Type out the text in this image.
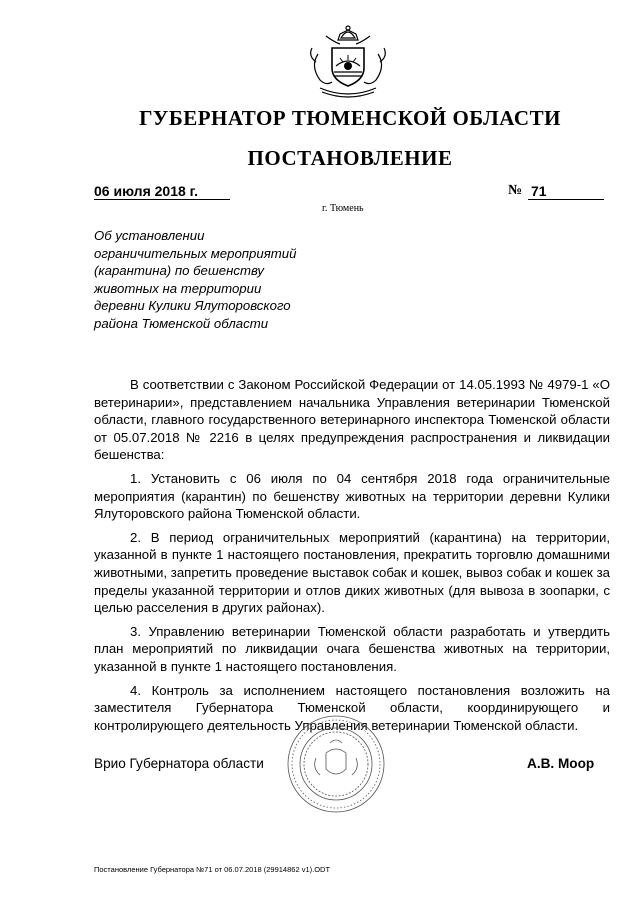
ГУБЕРНАТОР ТЮМЕНСКОЙ ОБЛАСТИ
ПОСТАНОВЛЕНИЕ
06 июля 2018 г.
г. Тюмень
№ 71
Об установлении
ограничительных мероприятий
(карантина) по бешенству
животных на территории
деревни Кулики Ялуторовского
района Тюменской области

В соответствии с Законом Российской Федерации от 14.05.1993 № 4979-1 «О ветеринарии», представлением начальника Управления ветеринарии Тюменской области, главного государственного ветеринарного инспектора Тюменской области от 05.07.2018 № 2216 в целях предупреждения распространения и ликвидации бешенства:

1. Установить с 06 июля по 04 сентября 2018 года ограничительные мероприятия (карантин) по бешенству животных на территории деревни Кулики Ялуторовского района Тюменской области.

2. В период ограничительных мероприятий (карантина) на территории, указанной в пункте 1 настоящего постановления, прекратить торговлю домашними животными, запретить проведение выставок собак и кошек, вывоз собак и кошек за пределы указанной территории и отлов диких животных (для вывоза в зоопарки, с целью расселения в других районах).

3. Управлению ветеринарии Тюменской области разработать и утвердить план мероприятий по ликвидации очага бешенства животных на территории, указанной в пункте 1 настоящего постановления.

4. Контроль за исполнением настоящего постановления возложить на заместителя Губернатора Тюменской области, координирующего и контролирующего деятельность Управления ветеринарии Тюменской области.

Врио Губернатора области	А.В. Моор
Постановление Губернатора №71 от 06.07.2018 (29914862 v1).ODT
